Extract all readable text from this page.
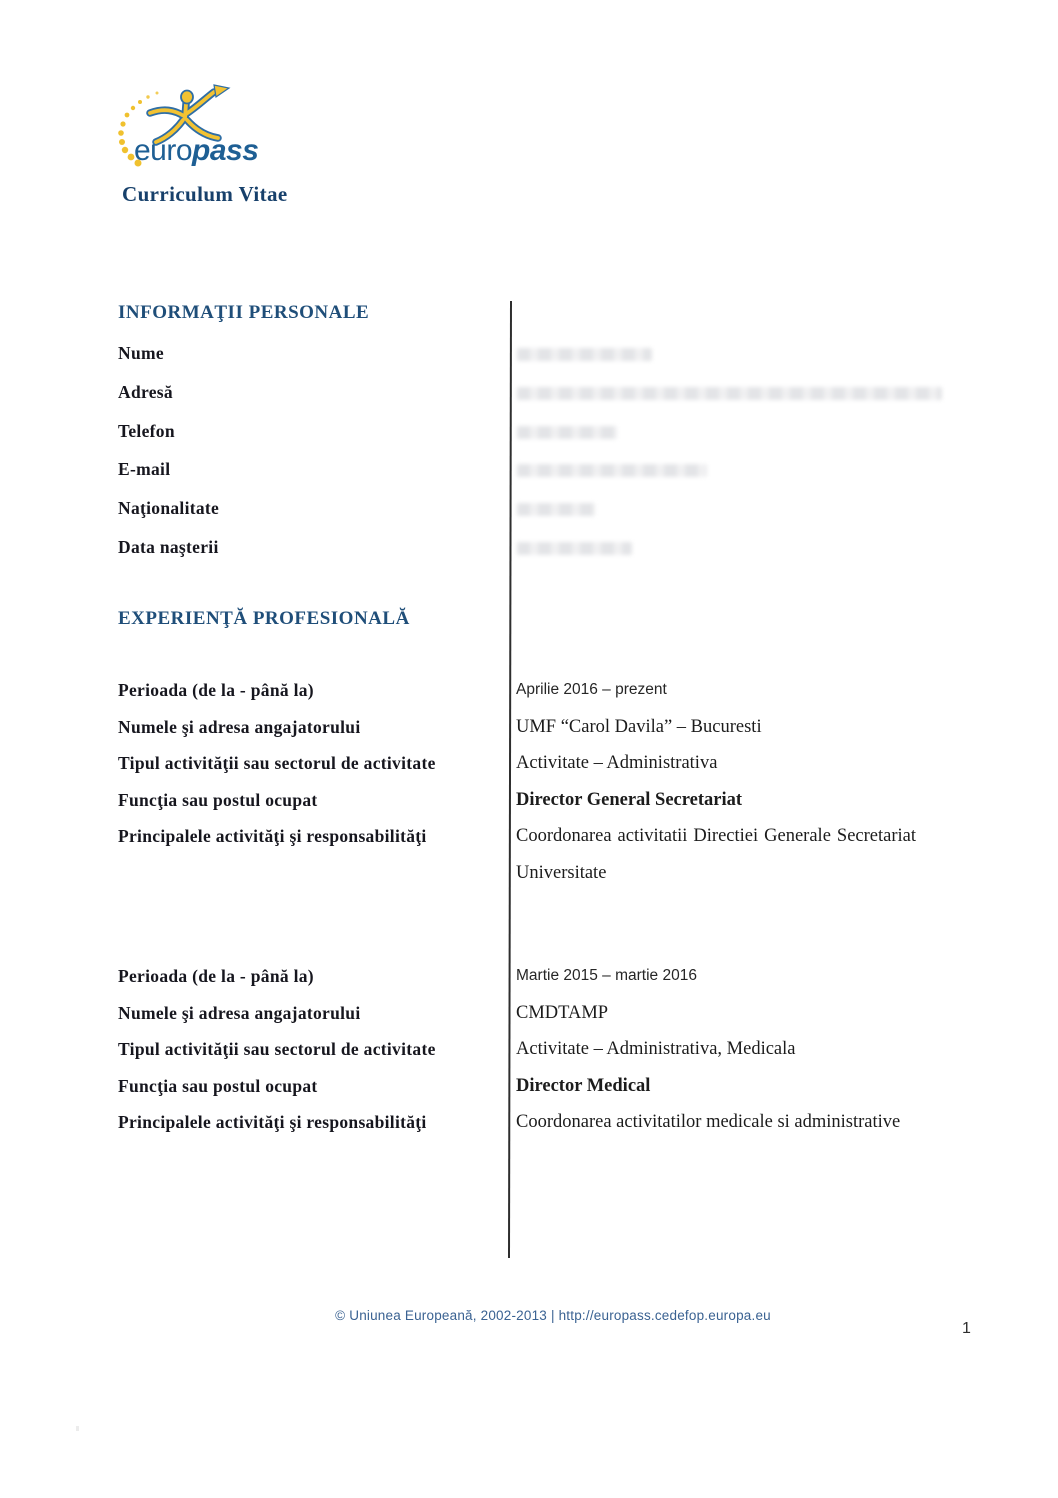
europass
Curriculum Vitae
INFORMAŢII PERSONALE
Nume
Adresă
Telefon
E-mail
Naţionalitate
Data naşterii
EXPERIENŢĂ PROFESIONALĂ
Perioada (de la - până la)
Numele şi adresa angajatorului
Tipul activităţii sau sectorul de activitate
Funcţia sau postul ocupat
Principalele activităţi şi responsabilităţi
Aprilie 2016 – prezent
UMF “Carol Davila” – Bucuresti
Activitate – Administrativa
Director General Secretariat
Coordonarea activitatii Directiei Generale Secretariat Universitate
Perioada (de la - până la)
Numele şi adresa angajatorului
Tipul activităţii sau sectorul de activitate
Funcţia sau postul ocupat
Principalele activităţi şi responsabilităţi
Martie 2015 – martie 2016
CMDTAMP
Activitate – Administrativa, Medicala
Director Medical
Coordonarea activitatilor medicale si administrative
© Uniunea Europeană, 2002-2013 | http://europass.cedefop.europa.eu
1
